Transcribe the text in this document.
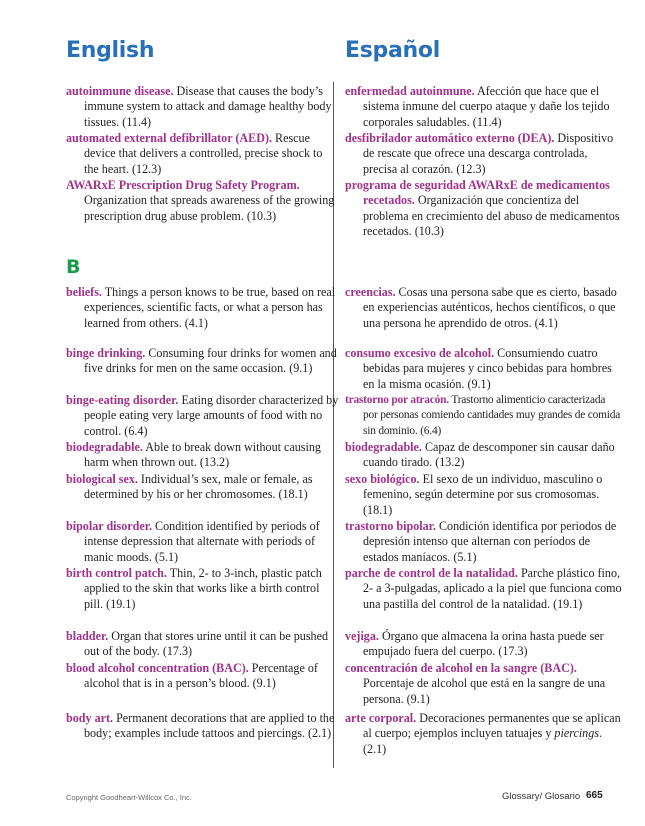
English	Español
B
autoimmune disease. Disease that causes the body’s immune system to attack and damage healthy body tissues. (11.4)
automated external defibrillator (AED). Rescue device that delivers a controlled, precise shock to the heart. (12.3)
AWARxE Prescription Drug Safety Program. Organization that spreads awareness of the growing prescription drug abuse problem. (10.3)
beliefs. Things a person knows to be true, based on real experiences, scientific facts, or what a person has learned from others. (4.1)
binge drinking. Consuming four drinks for women and five drinks for men on the same occasion. (9.1)
binge-eating disorder. Eating disorder characterized by people eating very large amounts of food with no control. (6.4)
biodegradable. Able to break down without causing harm when thrown out. (13.2)
biological sex. Individual’s sex, male or female, as determined by his or her chromosomes. (18.1)
bipolar disorder. Condition identified by periods of intense depression that alternate with periods of manic moods. (5.1)
birth control patch. Thin, 2- to 3-inch, plastic patch applied to the skin that works like a birth control pill. (19.1)
bladder. Organ that stores urine until it can be pushed out of the body. (17.3)
blood alcohol concentration (BAC). Percentage of alcohol that is in a person’s blood. (9.1)
body art. Permanent decorations that are applied to the body; examples include tattoos and piercings. (2.1)
enfermedad autoinmune. Afección que hace que el sistema inmune del cuerpo ataque y dañe los tejido corporales saludables. (11.4)
desfibrilador automático externo (DEA). Dispositivo de rescate que ofrece una descarga controlada, precisa al corazón. (12.3)
programa de seguridad AWARxE de medicamentos recetados. Organización que concientiza del problema en crecimiento del abuso de medicamentos recetados. (10.3)
creencias. Cosas una persona sabe que es cierto, basado en experiencias auténticos, hechos científicos, o que una persona he aprendido de otros. (4.1)
consumo excesivo de alcohol. Consumiendo cuatro bebidas para mujeres y cinco bebidas para hombres en la misma ocasión. (9.1)
trastorno por atracón. Trastorno alimenticio caracterizada por personas comiendo cantidades muy grandes de comida sin dominio. (6.4)
biodegradable. Capaz de descomponer sin causar daño cuando tirado. (13.2)
sexo biológico. El sexo de un individuo, masculino o femenino, según determine por sus cromosomas. (18.1)
trastorno bipolar. Condición identifica por periodos de depresión intenso que alternan con períodos de estados maníacos. (5.1)
parche de control de la natalidad. Parche plástico fino, 2- a 3-pulgadas, aplicado a la piel que funciona como una pastilla del control de la natalidad. (19.1)
vejiga. Órgano que almacena la orina hasta puede ser empujado fuera del cuerpo. (17.3)
concentración de alcohol en la sangre (BAC). Porcentaje de alcohol que está en la sangre de una persona. (9.1)
arte corporal. Decoraciones permanentes que se aplican al cuerpo; ejemplos incluyen tatuajes y piercings. (2.1)
Copyright Goodheart-Willcox Co., Inc.	Glossary/ Glosario 665
